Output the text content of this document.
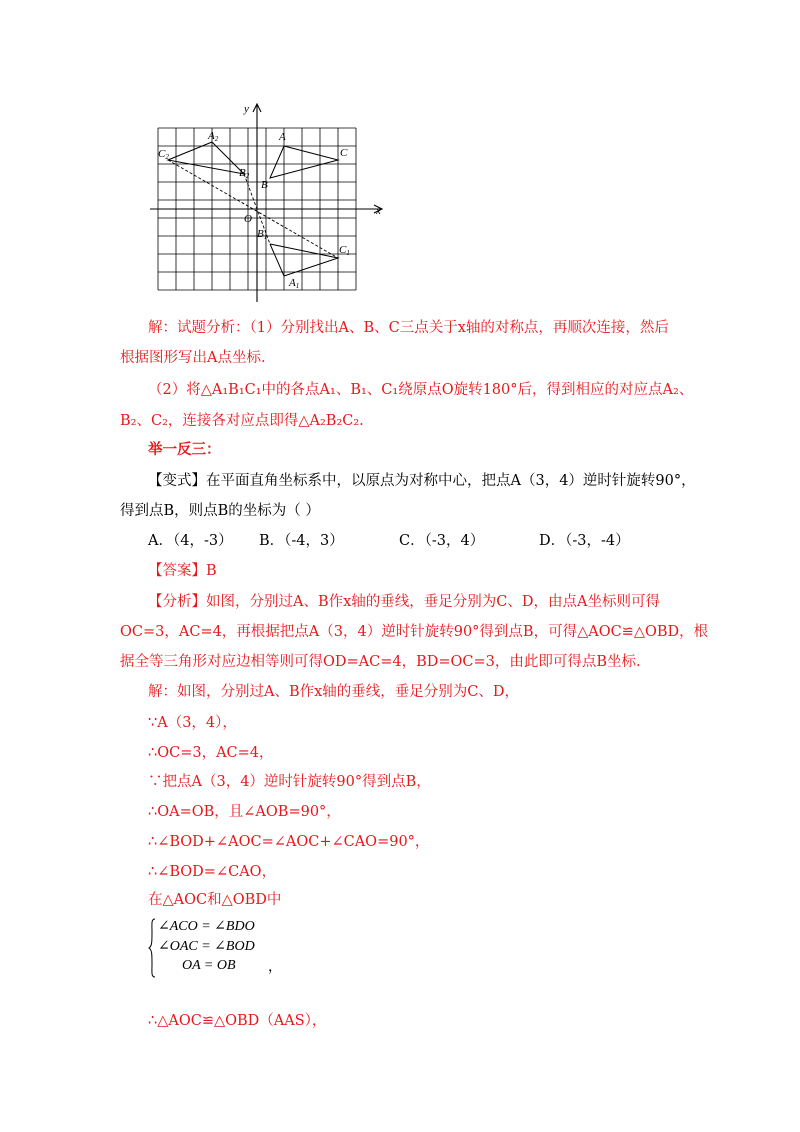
y
x
O
A2	A
C2	C
B2
B
B1
C1
A1
解：试题分析：（1）分别找出A、B、C三点关于x轴的对称点，再顺次连接，然后
根据图形写出A点坐标.
（2）将△A₁B₁C₁中的各点A₁、B₁、C₁绕原点O旋转180°后，得到相应的对应点A₂、
B₂、C₂，连接各对应点即得△A₂B₂C₂.
举一反三：
【变式】在平面直角坐标系中，以原点为对称中心，把点A（3，4）逆时针旋转90°，
得到点B，则点B的坐标为（ ）
A．（4，-3）	B．（-4，3）	C．（-3，4）	D．（-3，-4）
【答案】B
【分析】如图，分别过A、B作x轴的垂线，垂足分别为C、D，由点A坐标则可得
OC=3，AC=4，再根据把点A（3，4）逆时针旋转90°得到点B，可得△AOC≌△OBD，根
据全等三角形对应边相等则可得OD=AC=4，BD=OC=3，由此即可得点B坐标.
解：如图，分别过A、B作x轴的垂线，垂足分别为C、D，
∵A（3，4），
∴OC=3，AC=4，
∵把点A（3，4）逆时针旋转90°得到点B，
∴OA=OB，且∠AOB=90°，
∴∠BOD+∠AOC=∠AOC+∠CAO=90°，
∴∠BOD=∠CAO，
在△AOC和△OBD中
∠ACO = ∠BDO
∠OAC = ∠BOD
OA = OB ，
∴△AOC≌△OBD（AAS），
